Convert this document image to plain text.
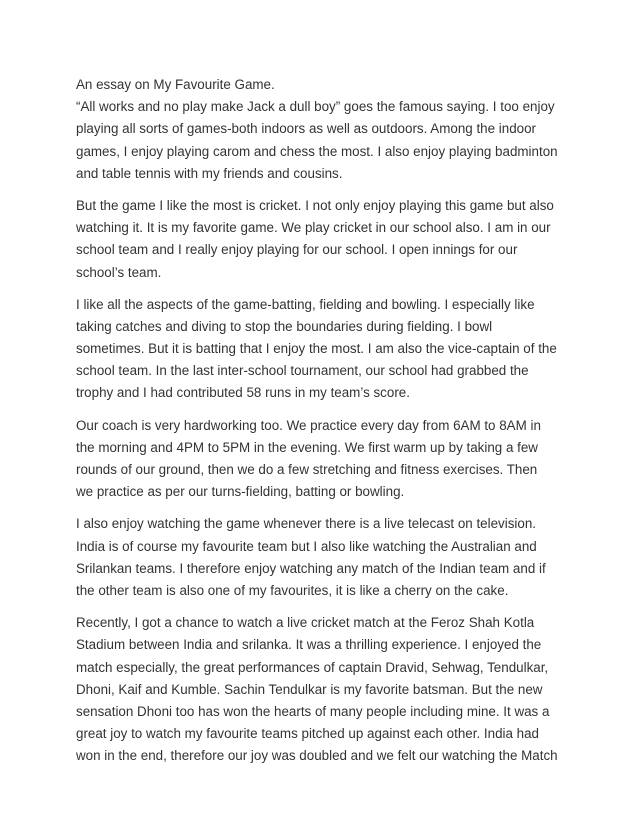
An essay on My Favourite Game.
“All works and no play make Jack a dull boy” goes the famous saying. I too enjoy
playing all sorts of games-both indoors as well as outdoors. Among the indoor
games, I enjoy playing carom and chess the most. I also enjoy playing badminton
and table tennis with my friends and cousins.
But the game I like the most is cricket. I not only enjoy playing this game but also
watching it. It is my favorite game. We play cricket in our school also. I am in our
school team and I really enjoy playing for our school. I open innings for our
school’s team.
I like all the aspects of the game-batting, fielding and bowling. I especially like
taking catches and diving to stop the boundaries during fielding. I bowl
sometimes. But it is batting that I enjoy the most. I am also the vice-captain of the
school team. In the last inter-school tournament, our school had grabbed the
trophy and I had contributed 58 runs in my team’s score.
Our coach is very hardworking too. We practice every day from 6AM to 8AM in
the morning and 4PM to 5PM in the evening. We first warm up by taking a few
rounds of our ground, then we do a few stretching and fitness exercises. Then
we practice as per our turns-fielding, batting or bowling.
I also enjoy watching the game whenever there is a live telecast on television.
India is of course my favourite team but I also like watching the Australian and
Srilankan teams. I therefore enjoy watching any match of the Indian team and if
the other team is also one of my favourites, it is like a cherry on the cake.
Recently, I got a chance to watch a live cricket match at the Feroz Shah Kotla
Stadium between India and srilanka. It was a thrilling experience. I enjoyed the
match especially, the great performances of captain Dravid, Sehwag, Tendulkar,
Dhoni, Kaif and Kumble. Sachin Tendulkar is my favorite batsman. But the new
sensation Dhoni too has won the hearts of many people including mine. It was a
great joy to watch my favourite teams pitched up against each other. India had
won in the end, therefore our joy was doubled and we felt our watching the Match
